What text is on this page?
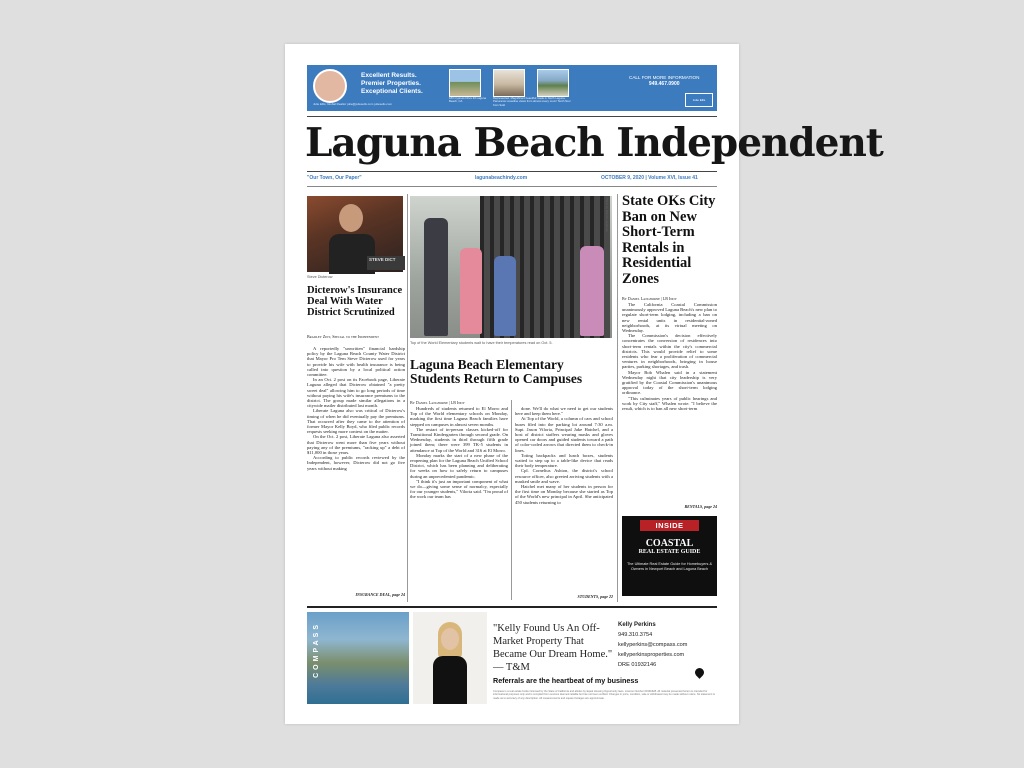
Excellent Results.
Premier Properties.
Exceptional Clients.
Julie Ellis, Global Realtor julie@juliesells.com juliesells.com
183 Cypress Drive #2 Laguna Beach, CA
Represented, Magnificent beautiful made in North Laguna, Panoramic coastline views from almost every room! Tenth floor from Sold
CALL FOR MORE INFORMATION
949.467.0900
Julie Ellis
Laguna Beach Independent
"Our Town, Our Paper"	lagunabeachindy.com	OCTOBER 9, 2020 | Volume XVI, Issue 41
STEVE DICT
Steve Dicterow
Dicterow's Insurance Deal With Water District Scrutinized
Bradley Zint, Special to the Independent

A reportedly "unwritten" financial hardship policy by the Laguna Beach County Water District that Mayor Pro Tem Steve Dicterow used for years to provide his wife with health insurance is being called into question by a local political action committee.

In an Oct. 2 post on its Facebook page, Liberate Laguna alleged that Dicterow obtained "a pretty sweet deal" allowing him to go long periods of time without paying his wife's insurance premiums to the district. The group made similar allegations in a citywide mailer distributed last month.

Liberate Laguna also was critical of Dicterow's timing of when he did eventually pay the premiums. That occurred after they came to the attention of former Mayor Kelly Boyd, who filed public records requests seeking more context on the matter.

On the Oct. 2 post, Liberate Laguna also asserted that Dicterow went more than five years without paying any of the premiums, "racking up" a debt of $11,000 in those years.

According to public records reviewed by the Independent, however, Dicterow did not go five years without making

INSURANCE DEAL, page 24
Top of the World Elementary students wait to have their temperatures read on Oct. 5.
Photo by Daniel Langhorne
Laguna Beach Elementary Students Return to Campuses
By Daniel Langhorne | LB Indy

Hundreds of students returned to El Morro and Top of the World elementary schools on Monday, marking the first time Laguna Beach families have stepped on campuses in almost seven months.

The restart of in-person classes kicked-off for Transitional Kindergarten through second grade. On Wednesday, students in third through fifth grade joined them; there were 399 TK-5 students in attendance at Top of the World and 316 at El Morro.

Monday marks the start of a new phase of the reopening plan for the Laguna Beach Unified School District, which has been planning and deliberating for weeks on how to safely return to campuses during an unprecedented pandemic.

"I think it's just an important component of what we do—giving some sense of normalcy, especially for our younger students," Viloria said. "I'm proud of the work our team has

done. We'll do what we need to get our students here and keep them here."

At Top of the World, a column of cars and school buses filed into the parking lot around 7:30 a.m. Supt. Jason Viloria, Principal Jake Hatchel, and a host of district staffers wearing masks and gloves opened car doors and guided students toward a path of color-coded arrows that directed them to check-in lines.

Toting backpacks and lunch boxes, students waited to step up to a table-like device that reads their body temperature.

Cpl. Cornelius Ashton, the district's school resource officer, also greeted arriving students with a masked smile and wave.

Hatchel met many of her students in person for the first time on Monday because she started as Top of the World's new principal in April. She anticipated 450 students returning to

STUDENTS, page 22
State OKs City Ban on New Short-Term Rentals in Residential Zones
By Daniel Langhorne | LB Indy

The California Coastal Commission unanimously approved Laguna Beach's new plan to regulate short-term lodging, including a ban on new rental units in residential-zoned neighborhoods, at its virtual meeting on Wednesday.

The Commission's decision effectively concentrates the conversion of residences into short-term rentals within the city's commercial districts. This would provide relief to some residents who fear a proliferation of commercial ventures in neighborhoods, bringing in house parties, parking shortages, and trash.

Mayor Bob Whalen said in a statement Wednesday night that city leadership is very gratified by the Coastal Commission's unanimous approval today of the short-term lodging ordinance.

"This culminates years of public hearings and work by City staff," Whalen wrote. "I believe the result, which is to ban all new short-term

RENTALS, page 24
INSIDE
COASTAL
REAL ESTATE GUIDE
The Ultimate Real Estate Guide for Homebuyers & Owners in Newport Beach and Laguna Beach
COMPASS	"Kelly Found Us An Off-Market Property That Became Our Dream Home." — T&M
Kelly Perkins
949.310.3754
kellyperkins@compass.com
kellyperkinsproperties.com
DRE 01932146
Referrals are the heartbeat of my business
Compass is a real estate broker licensed by the State of California and abides by Equal Housing Opportunity laws. License Number 01991628. All material presented herein is intended for informational purposes only and is compiled from sources deemed reliable but has not been verified. Changes in price, condition, sale or withdrawal may be made without notice. No statement is made as to accuracy of any description. All measurements and square footages are approximate.
